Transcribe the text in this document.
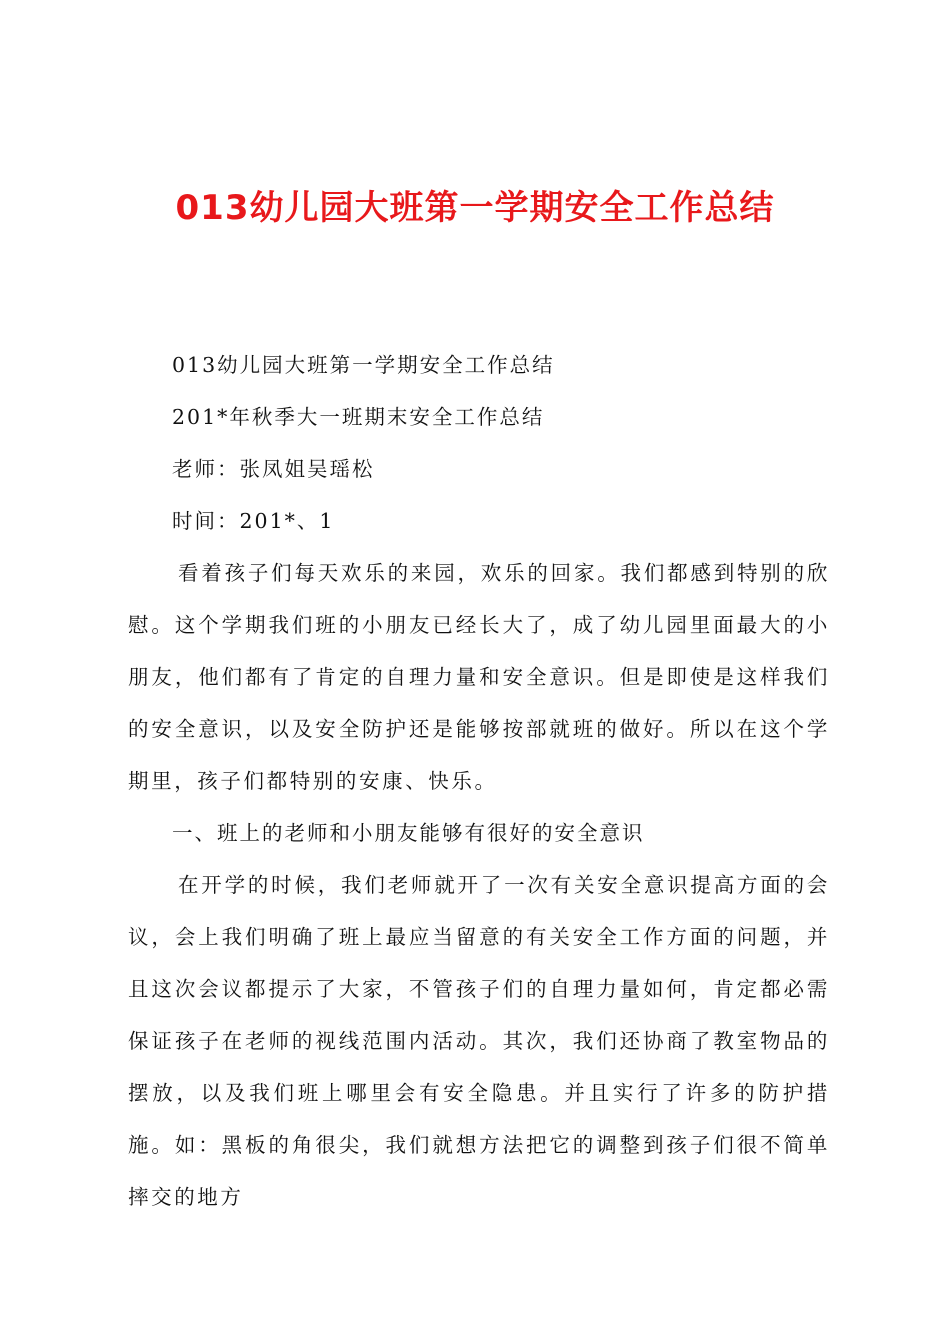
013幼儿园大班第一学期安全工作总结
013幼儿园大班第一学期安全工作总结
201*年秋季大一班期末安全工作总结
老师：张凤姐吴瑶松
时间：201*、1
看着孩子们每天欢乐的来园，欢乐的回家。我们都感到特别的欣慰。这个学期我们班的小朋友已经长大了，成了幼儿园里面最大的小朋友，他们都有了肯定的自理力量和安全意识。但是即使是这样我们的安全意识，以及安全防护还是能够按部就班的做好。所以在这个学期里，孩子们都特别的安康、快乐。
一、班上的老师和小朋友能够有很好的安全意识
在开学的时候，我们老师就开了一次有关安全意识提高方面的会议，会上我们明确了班上最应当留意的有关安全工作方面的问题，并且这次会议都提示了大家，不管孩子们的自理力量如何，肯定都必需保证孩子在老师的视线范围内活动。其次，我们还协商了教室物品的摆放，以及我们班上哪里会有安全隐患。并且实行了许多的防护措施。如：黑板的角很尖，我们就想方法把它的调整到孩子们很不简单摔交的地方
